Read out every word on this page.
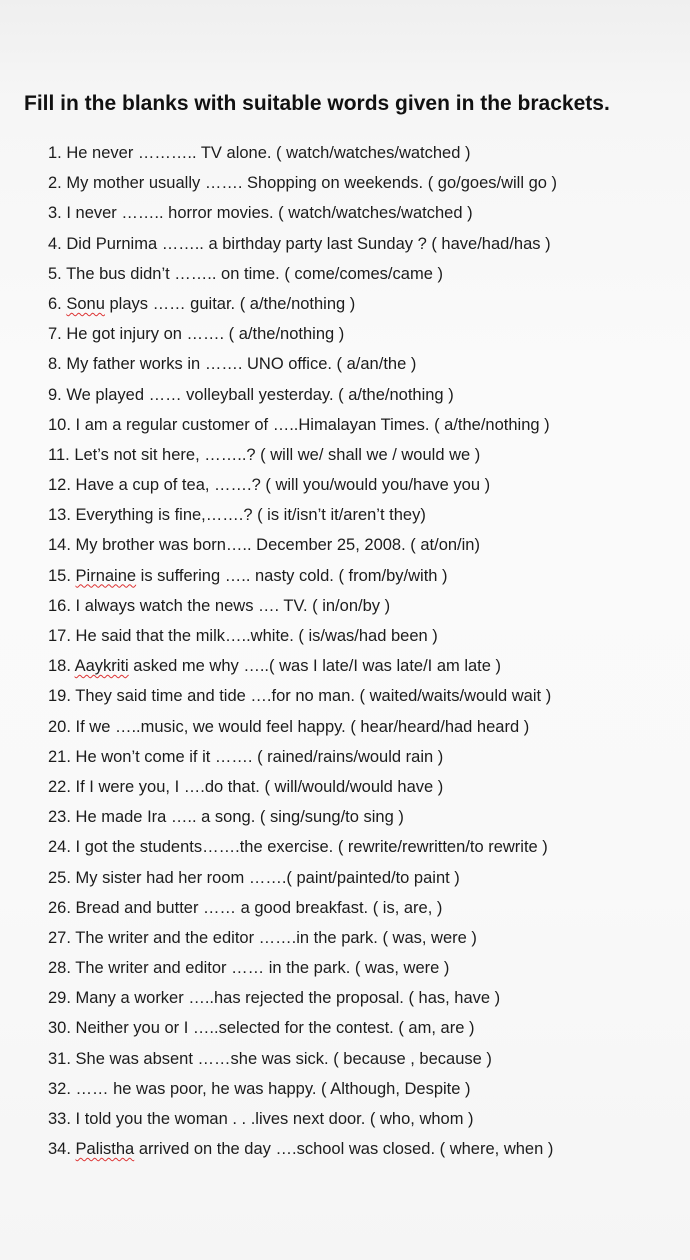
Fill in the blanks with suitable words given in the brackets.
1. He never ……….. TV alone. ( watch/watches/watched )
2. My mother usually ……. Shopping on weekends. ( go/goes/will go )
3. I never …….. horror movies. ( watch/watches/watched )
4. Did Purnima …….. a birthday party last Sunday ? ( have/had/has )
5. The bus didn’t …….. on time. ( come/comes/came )
6. Sonu plays …… guitar. ( a/the/nothing )
7. He got injury on ……. ( a/the/nothing )
8. My father works in ……. UNO office. ( a/an/the )
9. We played …… volleyball yesterday. ( a/the/nothing )
10. I am a regular customer of …..Himalayan Times. ( a/the/nothing )
11. Let’s not sit here, ……..? ( will we/ shall we / would we )
12. Have a cup of tea, …….? ( will you/would you/have you )
13. Everything is fine,…….? ( is it/isn’t it/aren’t they)
14. My brother was born….. December 25, 2008. ( at/on/in)
15. Pirnaine is suffering ….. nasty cold. ( from/by/with )
16. I always watch the news …. TV. ( in/on/by )
17. He said that the milk…..white. ( is/was/had been )
18. Aaykriti asked me why …..( was I late/I was late/I am late )
19. They said time and tide ….for no man. ( waited/waits/would wait )
20. If we …..music, we would feel happy. ( hear/heard/had heard )
21. He won’t come if it ……. ( rained/rains/would rain )
22. If I were you, I ….do that. ( will/would/would have )
23. He made Ira ….. a song. ( sing/sung/to sing )
24. I got the students…….the exercise. ( rewrite/rewritten/to rewrite )
25. My sister had her room …….( paint/painted/to paint )
26. Bread and butter …… a good breakfast. ( is, are, )
27. The writer and the editor …….in the park. ( was, were )
28. The writer and editor …… in the park. ( was, were )
29. Many a worker …..has rejected the proposal. ( has, have )
30. Neither you or I …..selected for the contest. ( am, are )
31. She was absent ……she was sick. ( because , because )
32. …… he was poor, he was happy. ( Although, Despite )
33. I told you the woman . . .lives next door. ( who, whom )
34. Palistha arrived on the day ….school was closed. ( where, when )
